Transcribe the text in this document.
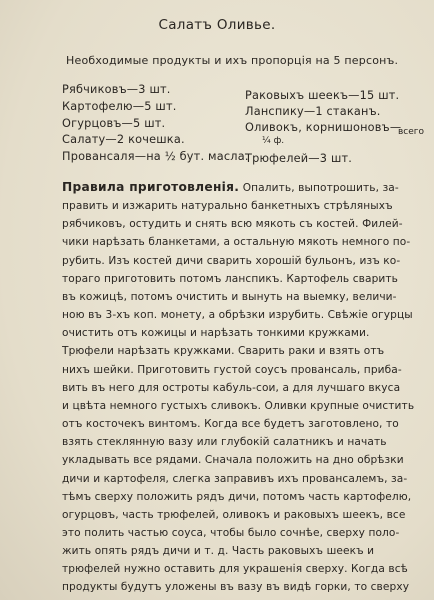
Салатъ Оливье.
Необходимые продукты и ихъ пропорція на 5 персонъ.
Рябчиковъ—3 шт.
Картофелю—5 шт.
Огурцовъ—5 шт.
Салату—2 кочешка.
Провансаля—на ½ бут. масла.
Раковыхъ шеекъ—15 шт.
Ланспику—1 стаканъ.
Оливокъ, корнишоновъ—
всего
¼ ф.
Трюфелей—3 шт.
Правила приготовленія. Опалить, выпотрошить, за-
править и изжарить натурально банкетныхъ стрѣляныхъ
рябчиковъ, остудить и снять всю мякоть съ костей. Филей-
чики нарѣзать бланкетами, а остальную мякоть немного по-
рубить. Изъ костей дичи сварить хорошій бульонъ, изъ ко-
тораго приготовить потомъ ланспикъ. Картофель сварить
въ кожицѣ, потомъ очистить и вынуть на выемку, величи-
ною въ 3-хъ коп. монету, а обрѣзки изрубить. Свѣжіе огурцы
очистить отъ кожицы и нарѣзать тонкими кружками.
Трюфели нарѣзать кружками. Сварить раки и взять отъ
нихъ шейки. Приготовить густой соусъ провансаль, приба-
вить въ него для остроты кабуль-сои, а для лучшаго вкуса
и цвѣта немного густыхъ сливокъ. Оливки крупные очистить
отъ косточекъ винтомъ. Когда все будетъ заготовлено, то
взять стеклянную вазу или глубокій салатникъ и начать
укладывать все рядами. Сначала положить на дно обрѣзки
дичи и картофеля, слегка заправивъ ихъ провансалемъ, за-
тѣмъ сверху положить рядъ дичи, потомъ часть картофелю,
огурцовъ, часть трюфелей, оливокъ и раковыхъ шеекъ, все
это полить частью соуса, чтобы было сочнѣе, сверху поло-
жить опять рядъ дичи и т. д. Часть раковыхъ шеекъ и
трюфелей нужно оставить для украшенія сверху. Когда всѣ
продукты будутъ уложены въ вазу въ видѣ горки, то сверху
